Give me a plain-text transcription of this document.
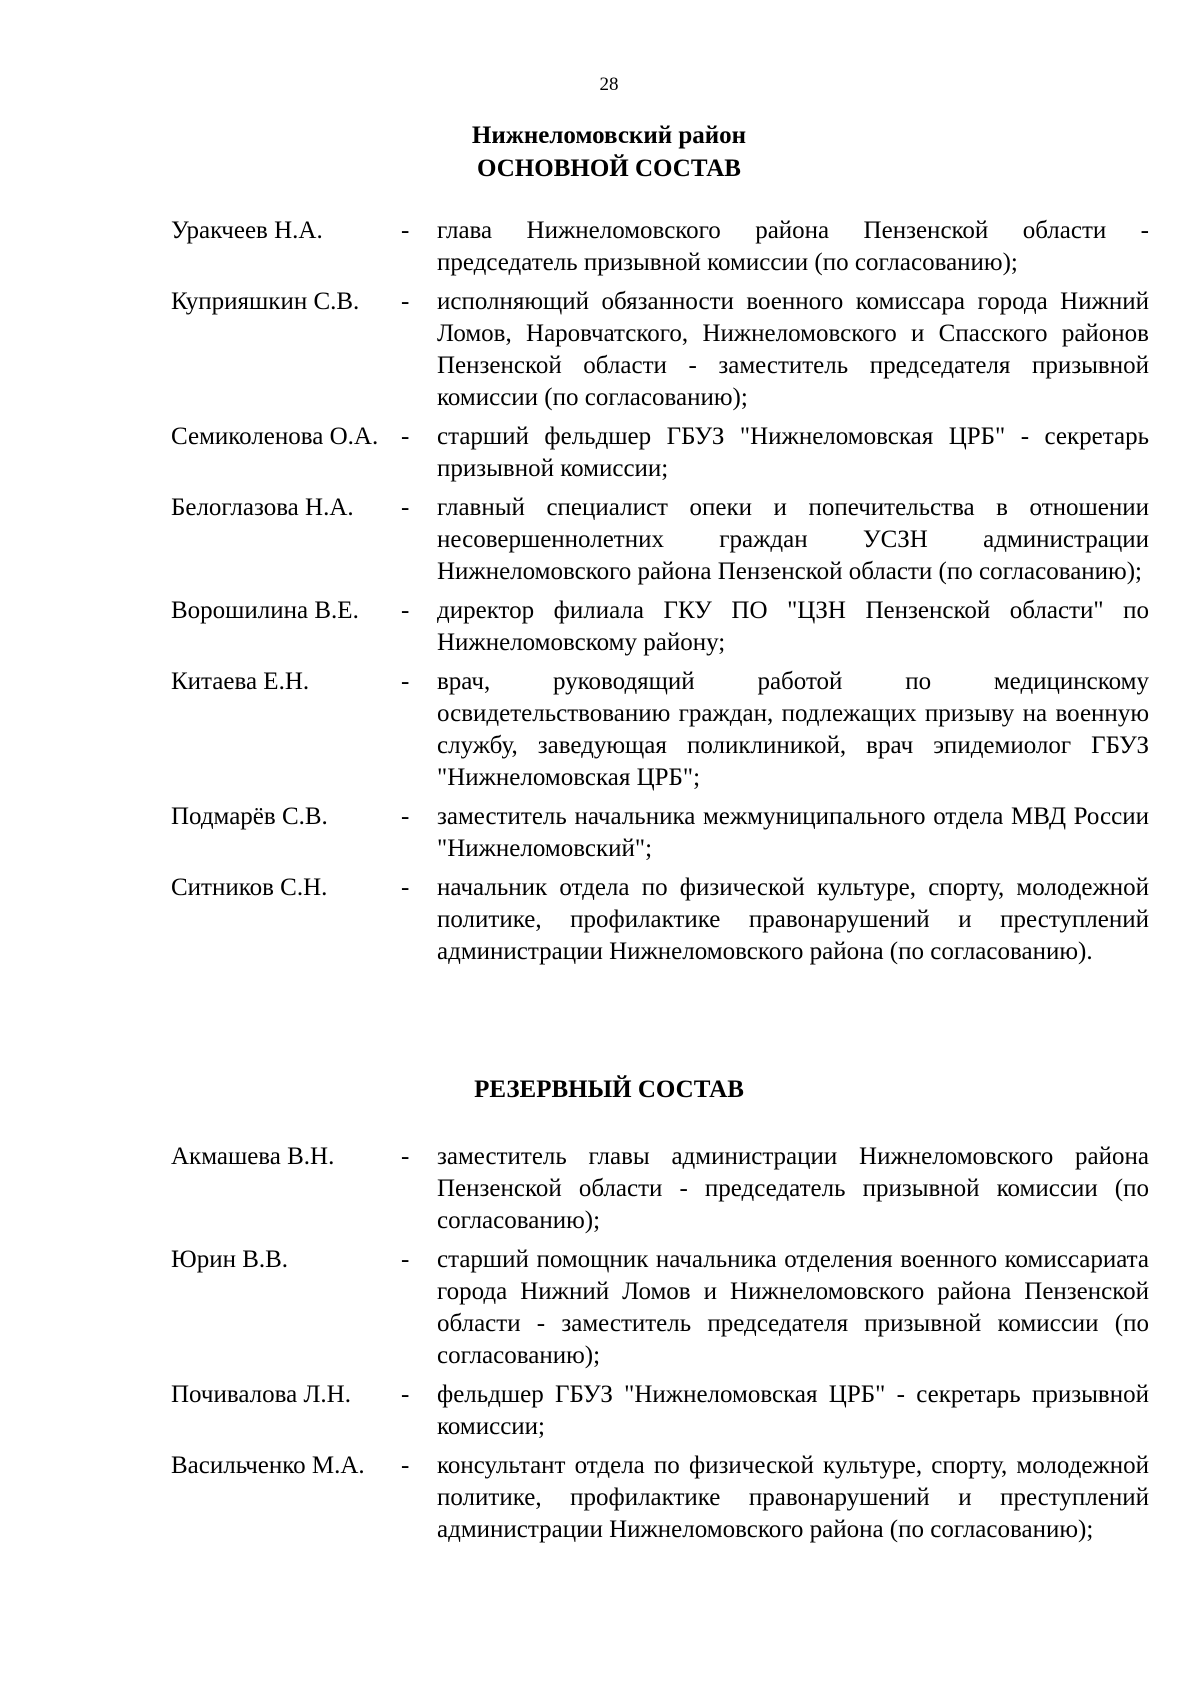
28
Нижнеломовский район
ОСНОВНОЙ СОСТАВ
Уракчеев Н.А.	-	глава Нижнеломовского района Пензенской области - председатель призывной комиссии (по согласованию);
Куприяшкин С.В.	-	исполняющий обязанности военного комиссара города Нижний Ломов, Наровчатского, Нижнеломовского и Спасского районов Пензенской области - заместитель председателя призывной комиссии (по согласованию);
Семиколенова О.А. -	старший фельдшер ГБУЗ "Нижнеломовская ЦРБ" - секретарь призывной комиссии;
Белоглазова Н.А.	-	главный специалист опеки и попечительства в отношении несовершеннолетних граждан УСЗН администрации Нижнеломовского района Пензенской области (по согласованию);
Ворошилина В.Е.	-	директор филиала ГКУ ПО "ЦЗН Пензенской области" по Нижнеломовскому району;
Китаева Е.Н.	-	врач, руководящий работой по медицинскому освидетельствованию граждан, подлежащих призыву на военную службу, заведующая поликлиникой, врач эпидемиолог ГБУЗ "Нижнеломовская ЦРБ";
Подмарёв С.В.	-	заместитель начальника межмуниципального отдела МВД России "Нижнеломовский";
Ситников С.Н.	-	начальник отдела по физической культуре, спорту, молодежной политике, профилактике правонарушений и преступлений администрации Нижнеломовского района (по согласованию).
РЕЗЕРВНЫЙ СОСТАВ
Акмашева В.Н.	-	заместитель главы администрации Нижнеломовского района Пензенской области - председатель призывной комиссии (по согласованию);
Юрин В.В.	-	старший помощник начальника отделения военного комиссариата города Нижний Ломов и Нижнеломовского района Пензенской области - заместитель председателя призывной комиссии (по согласованию);
Почивалова Л.Н.	-	фельдшер ГБУЗ "Нижнеломовская ЦРБ" - секретарь призывной комиссии;
Васильченко М.А.	-	консультант отдела по физической культуре, спорту, молодежной политике, профилактике правонарушений и преступлений администрации Нижнеломовского района (по согласованию);
